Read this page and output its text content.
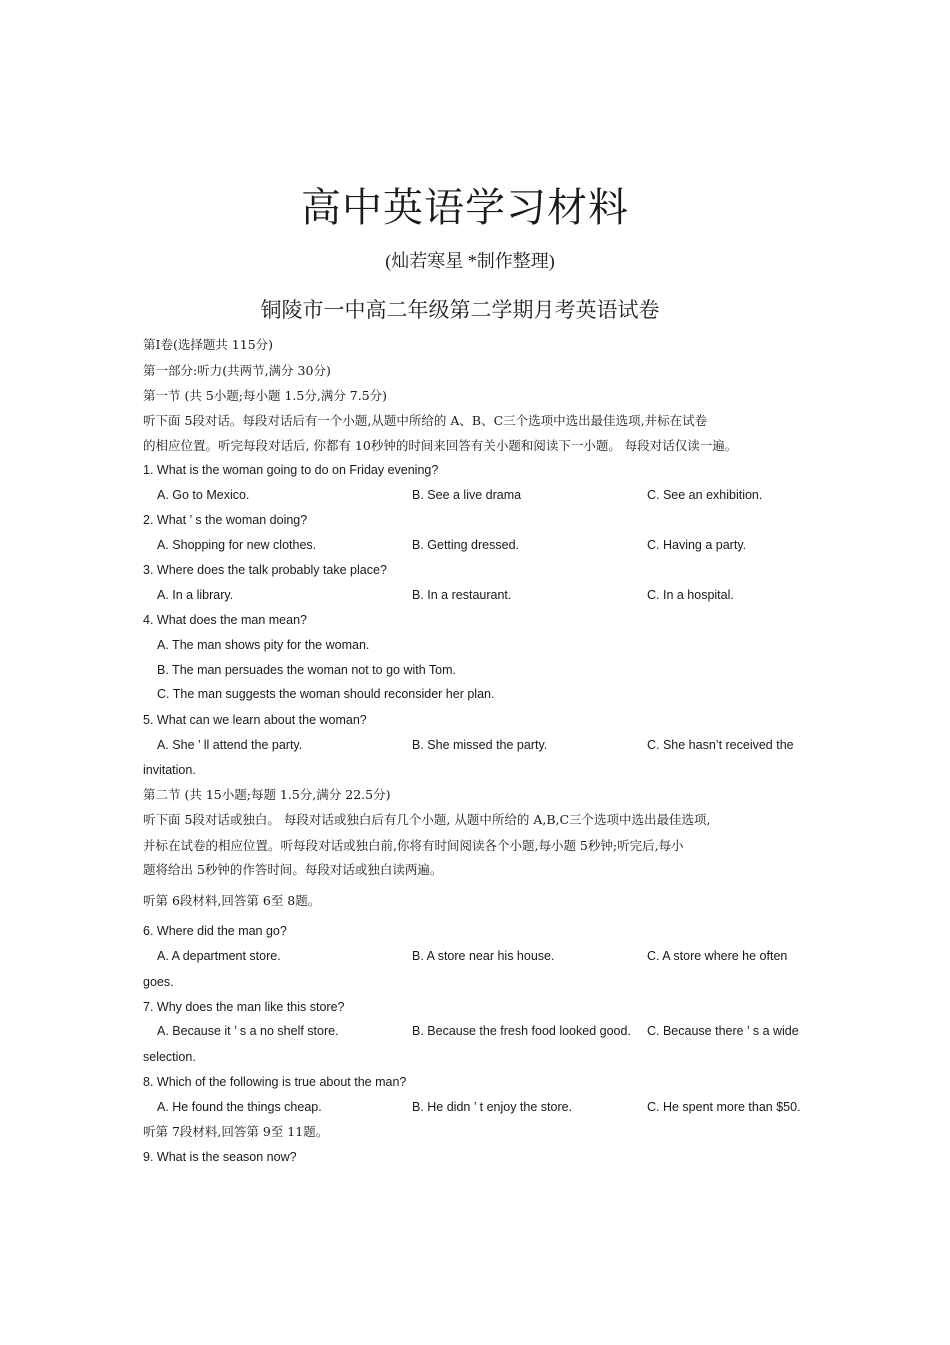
高中英语学习材料
(灿若寒星 *制作整理)
铜陵市一中高二年级第二学期月考英语试卷
第Ⅰ卷(选择题共 115分)
第一部分:听力(共两节,满分 30分)
第一节 (共 5小题;每小题 1.5分,满分 7.5分)
听下面 5段对话。每段对话后有一个小题,从题中所给的 A、B、C三个选项中选出最佳选项,并标在试卷
的相应位置。听完每段对话后, 你都有 10秒钟的时间来回答有关小题和阅读下一小题。 每段对话仅读一遍。
1. What is the woman going to do on Friday evening?
A. Go to Mexico.	B. See a live drama	C. See an exhibition.
2. What ’ s the woman doing?
A. Shopping for new clothes.	B. Getting dressed.	C. Having a party.
3. Where does the talk probably take place?
A. In a library.	B. In a restaurant.	C. In a hospital.
4. What does the man mean?
A. The man shows pity for the woman.
B. The man persuades the woman not to go with Tom.
C. The man suggests the woman should reconsider her plan.
5. What can we learn about the woman?
A. She ’ ll attend the party.	B. She missed the party.	C. She hasn’t received the
invitation.
第二节 (共 15小题;每题 1.5分,满分 22.5分)
听下面 5段对话或独白。 每段对话或独白后有几个小题, 从题中所给的 A,B,C三个选项中选出最佳选项,
并标在试卷的相应位置。听每段对话或独白前,你将有时间阅读各个小题,每小题 5秒钟;听完后,每小
题将给出 5秒钟的作答时间。每段对话或独白读两遍。
听第 6段材料,回答第 6至 8题。
6. Where did the man go?
A. A department store.	B. A store near his house.	C. A store where he often
goes.
7. Why does the man like this store?
A. Because it ’ s a no shelf store.	B. Because the fresh food looked good. C. Because there ’ s a wide
selection.
8. Which of the following is true about the man?
A. He found the things cheap.	B. He didn ’ t enjoy the store.	C. He spent more than $50.
听第 7段材料,回答第 9至 11题。
9. What is the season now?
